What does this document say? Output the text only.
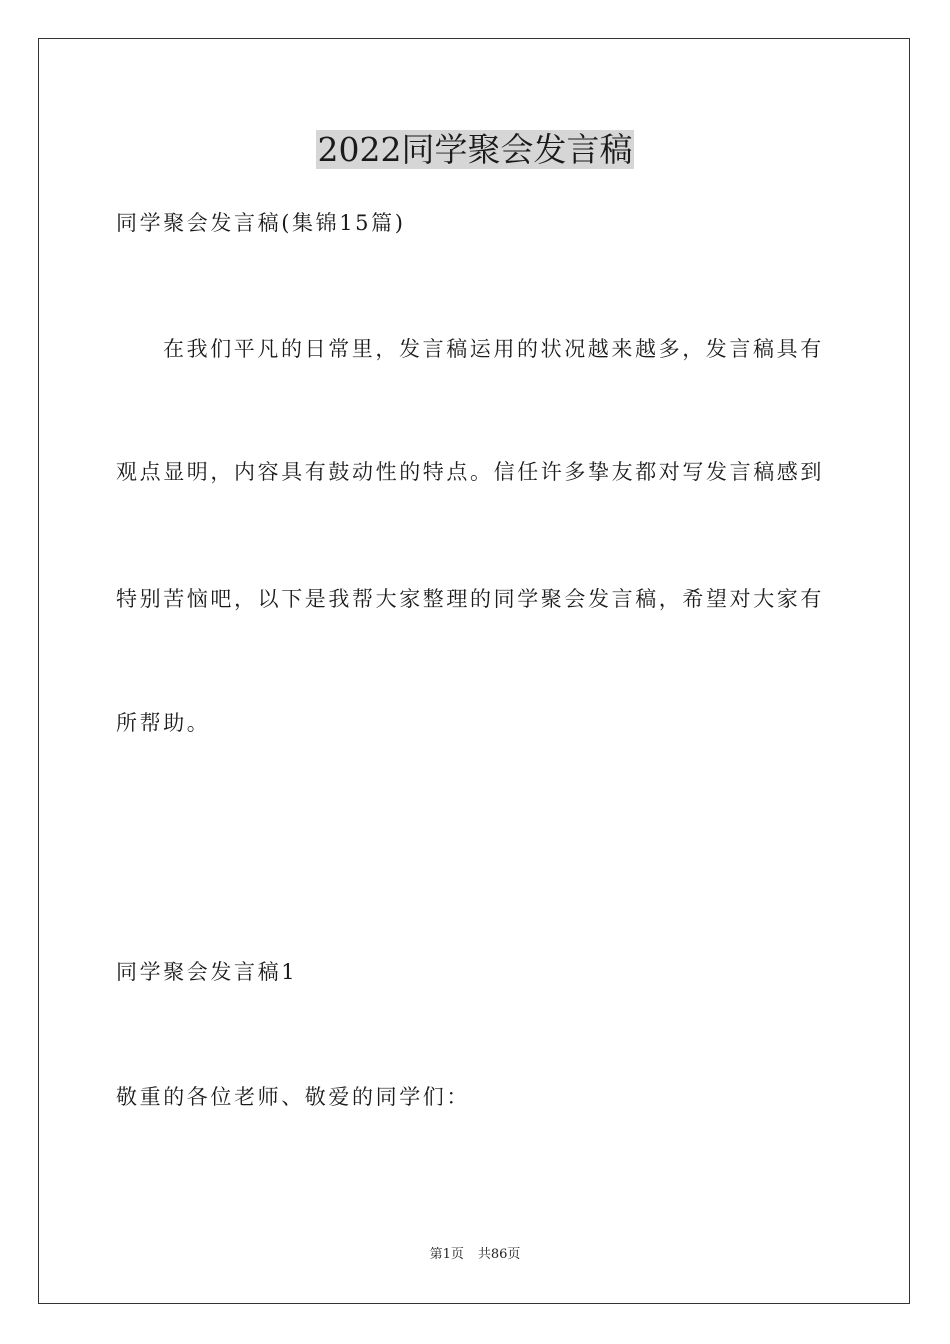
2022同学聚会发言稿

同学聚会发言稿(集锦15篇)

在我们平凡的日常里，发言稿运用的状况越来越多，发言稿具有

观点显明，内容具有鼓动性的特点。信任许多挚友都对写发言稿感到

特别苦恼吧，以下是我帮大家整理的同学聚会发言稿，希望对大家有

所帮助。

同学聚会发言稿1

敬重的各位老师、敬爱的同学们：

第1页 共86页
